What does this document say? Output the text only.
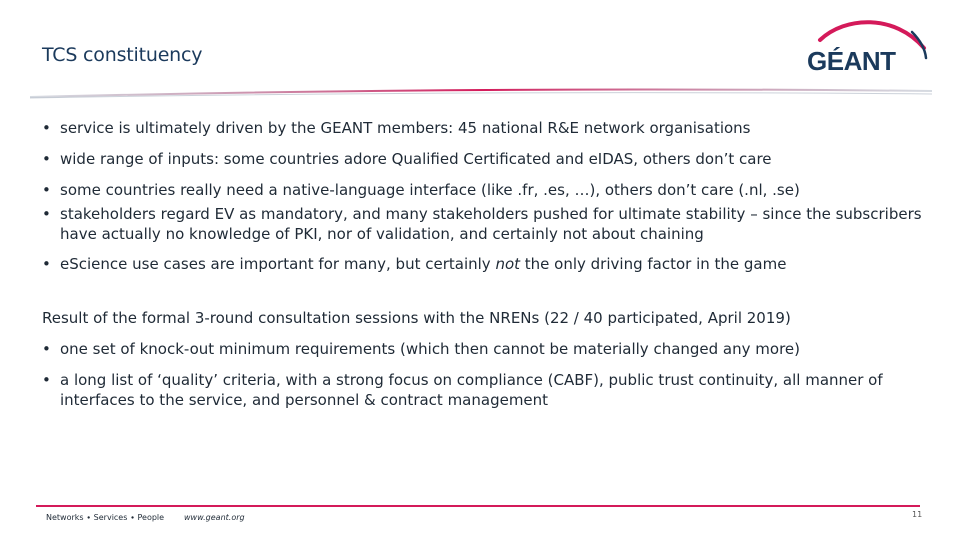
TCS constituency	GÉANT
• service is ultimately driven by the GEANT members: 45 national R&E network organisations
• wide range of inputs: some countries adore Qualified Certificated and eIDAS, others don’t care
• some countries really need a native-language interface (like .fr, .es, …), others don’t care (.nl, .se)
• stakeholders regard EV as mandatory, and many stakeholders pushed for ultimate stability – since the subscribers have actually no knowledge of PKI, nor of validation, and certainly not about chaining
• eScience use cases are important for many, but certainly not the only driving factor in the game
Result of the formal 3-round consultation sessions with the NRENs (22 / 40 participated, April 2019)
• one set of knock-out minimum requirements (which then cannot be materially changed any more)
• a long list of ‘quality’ criteria, with a strong focus on compliance (CABF), public trust continuity, all manner of interfaces to the service, and personnel & contract management
Networks ∙ Services ∙ People www.geant.org	11
